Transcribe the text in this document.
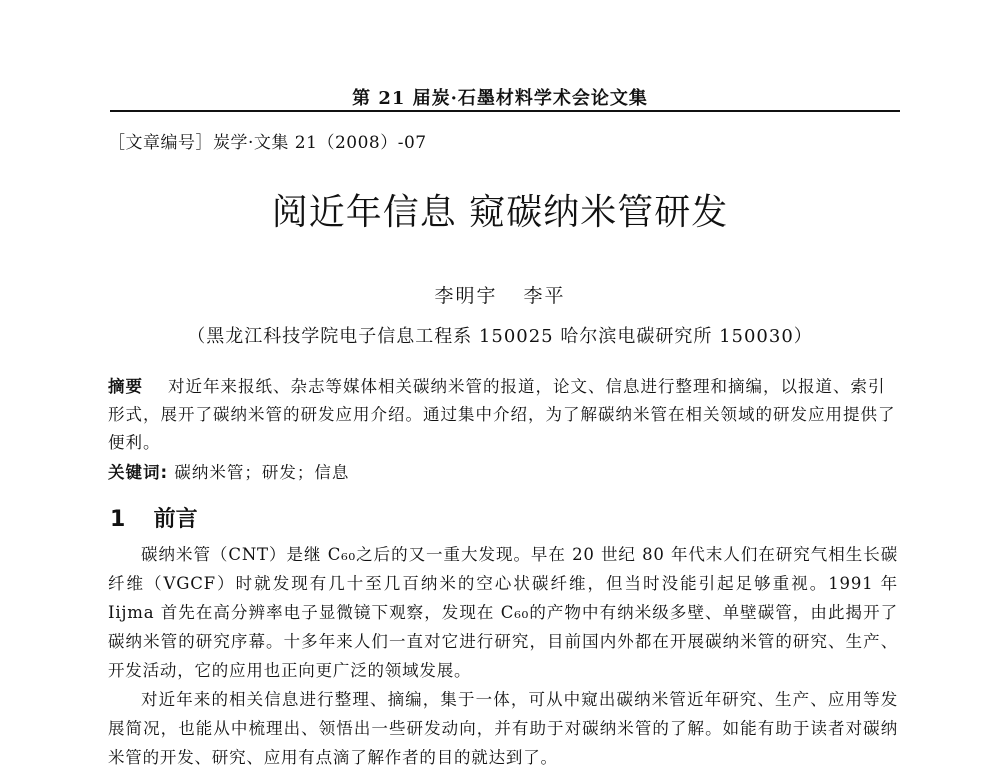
第 21 届炭·石墨材料学术会论文集
［文章编号］炭学·文集 21（2008）-07
阅近年信息 窥碳纳米管研发
李明宇 李平
（黑龙江科技学院电子信息工程系 150025 哈尔滨电碳研究所 150030）
摘要 对近年来报纸、杂志等媒体相关碳纳米管的报道，论文、信息进行整理和摘编，以报道、索引形式，展开了碳纳米管的研发应用介绍。通过集中介绍，为了解碳纳米管在相关领域的研发应用提供了便利。
关键词: 碳纳米管；研发；信息
1 前言

碳纳米管（CNT）是继 C₆₀之后的又一重大发现。早在 20 世纪 80 年代末人们在研究气相生长碳纤维（VGCF）时就发现有几十至几百纳米的空心状碳纤维，但当时没能引起足够重视。1991 年 Iijma 首先在高分辨率电子显微镜下观察，发现在 C₆₀的产物中有纳米级多壁、单壁碳管，由此揭开了碳纳米管的研究序幕。十多年来人们一直对它进行研究，目前国内外都在开展碳纳米管的研究、生产、开发活动，它的应用也正向更广泛的领域发展。

对近年来的相关信息进行整理、摘编，集于一体，可从中窥出碳纳米管近年研究、生产、应用等发展简况，也能从中梳理出、领悟出一些研发动向，并有助于对碳纳米管的了解。如能有助于读者对碳纳米管的开发、研究、应用有点滴了解作者的目的就达到了。
